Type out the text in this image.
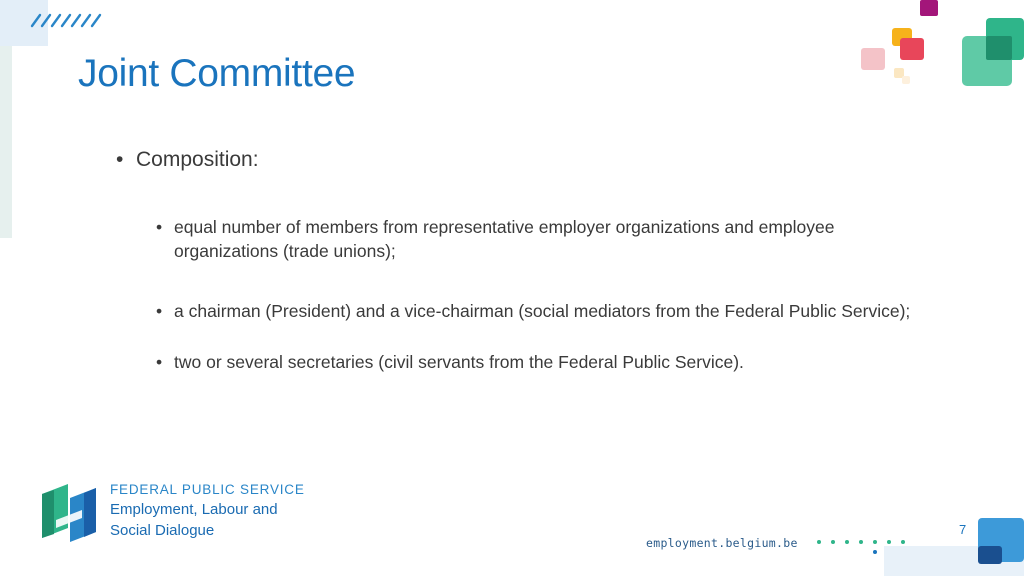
Joint Committee
• Composition:
• equal number of members from representative employer organizations and employee organizations (trade unions);
• a chairman (President) and a vice-chairman (social mediators from the Federal Public Service);
• two or several secretaries (civil servants from the Federal Public Service).
FEDERAL PUBLIC SERVICE
Employment, Labour and
Social Dialogue
employment.belgium.be
7
